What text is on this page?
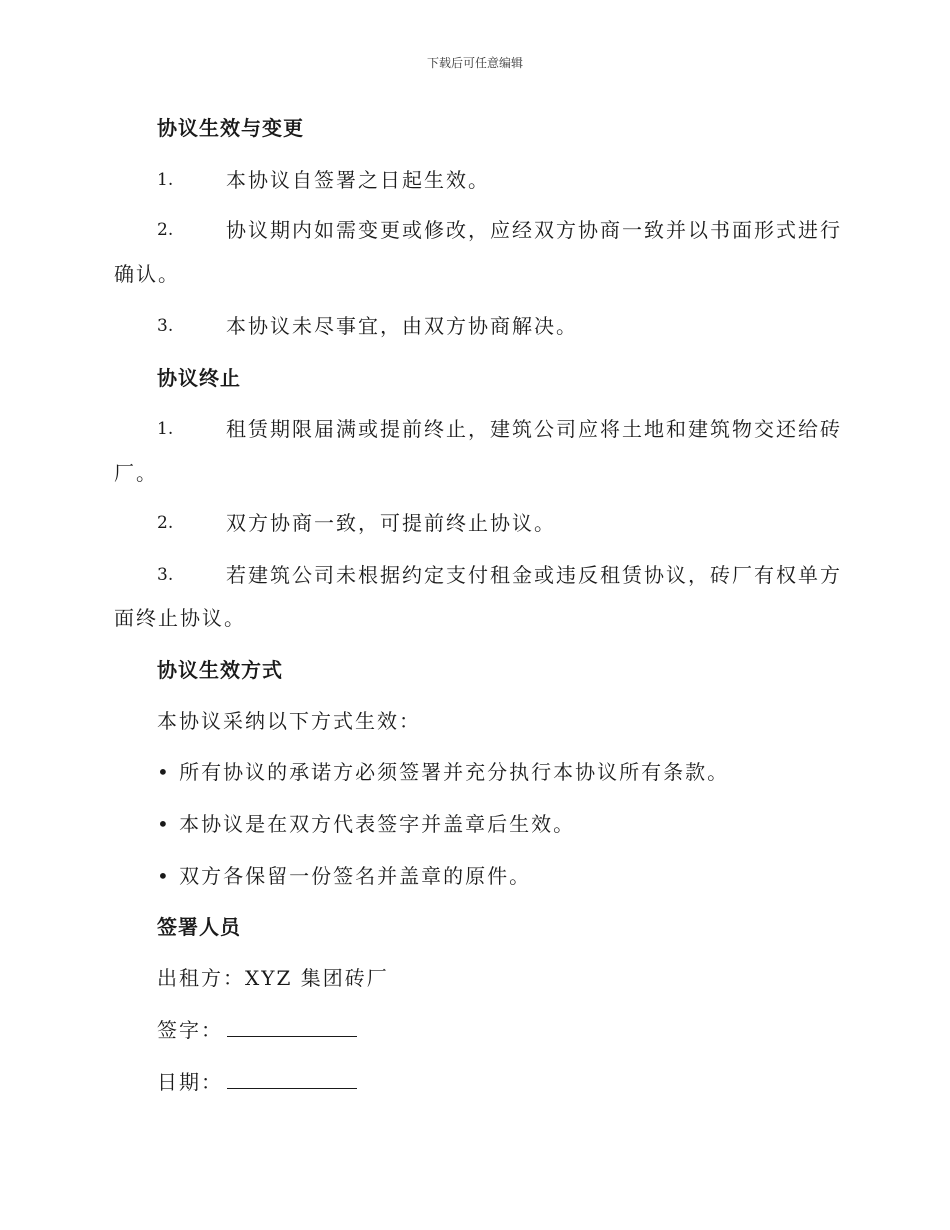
下载后可任意编辑
协议生效与变更
1.	本协议自签署之日起生效。
2.	协议期内如需变更或修改，应经双方协商一致并以书面形式进行
确认。
3.	本协议未尽事宜，由双方协商解决。
协议终止
1.	租赁期限届满或提前终止，建筑公司应将土地和建筑物交还给砖
厂。
2.	双方协商一致，可提前终止协议。
3.	若建筑公司未根据约定支付租金或违反租赁协议，砖厂有权单方
面终止协议。
协议生效方式
本协议采纳以下方式生效：
• 所有协议的承诺方必须签署并充分执行本协议所有条款。
• 本协议是在双方代表签字并盖章后生效。
• 双方各保留一份签名并盖章的原件。
签署人员
出租方：XYZ 集团砖厂
签字：
日期：
